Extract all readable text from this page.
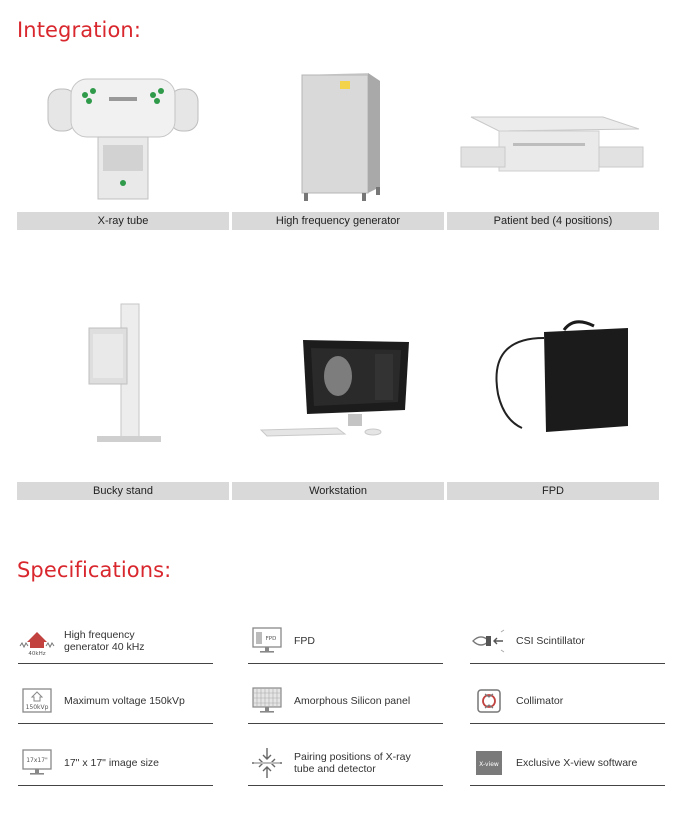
Integration:
X-ray tube	High frequency generator	Patient bed (4 positions)
Bucky stand	Workstation	FPD
Specifications:
40kHz
High frequency
generator 40 kHz
FPD FPD	CSI Scintillator
150kVp
Maximum voltage 150kVp	Amorphous Silicon panel	Collimator
17x17" 17" x 17" image size	Pairing positions of X-ray
tube and detector	X-view Exclusive X-view software
